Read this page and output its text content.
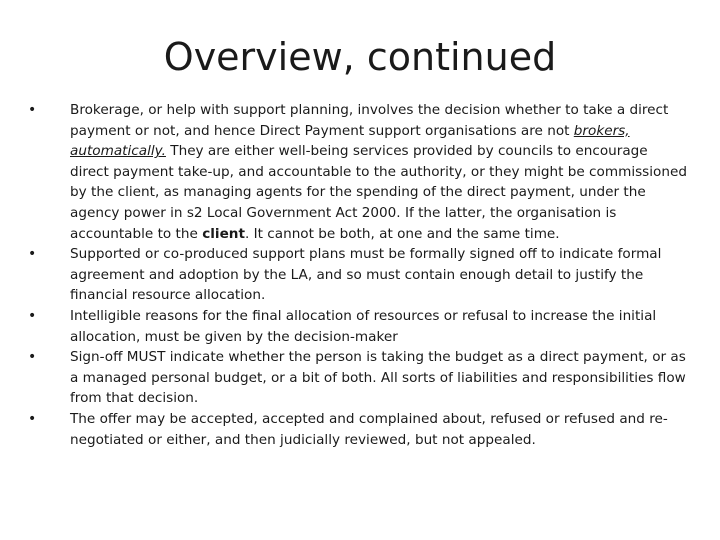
Overview, continued
•	Brokerage, or help with support planning, involves the decision whether to take a direct payment or not, and hence Direct Payment support organisations are not brokers, automatically. They are either well-being services provided by councils to encourage direct payment take-up, and accountable to the authority, or they might be commissioned by the client, as managing agents for the spending of the direct payment, under the agency power in s2 Local Government Act 2000. If the latter, the organisation is accountable to the client. It cannot be both, at one and the same time.
•	Supported or co-produced support plans must be formally signed off to indicate formal agreement and adoption by the LA, and so must contain enough detail to justify the financial resource allocation.
•	Intelligible reasons for the final allocation of resources or refusal to increase the initial allocation, must be given by the decision-maker
•	Sign-off MUST indicate whether the person is taking the budget as a direct payment, or as a managed personal budget, or a bit of both. All sorts of liabilities and responsibilities flow from that decision.
•	The offer may be accepted, accepted and complained about, refused or refused and re-negotiated or either, and then judicially reviewed, but not appealed.
